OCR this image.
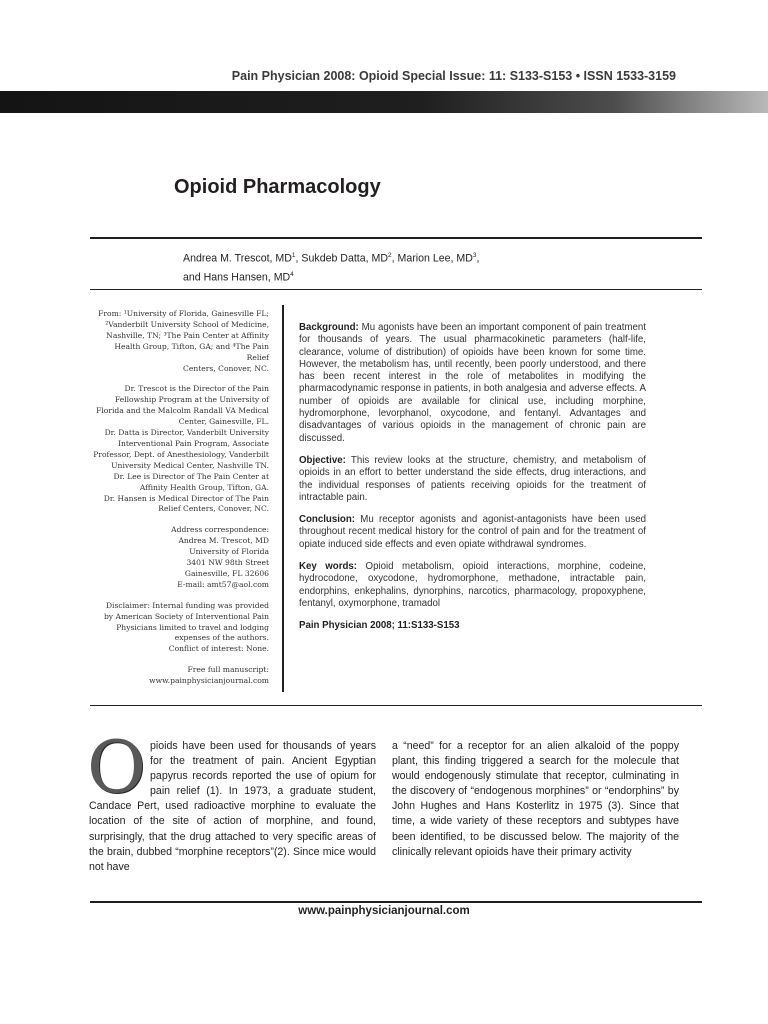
Pain Physician 2008: Opioid Special Issue: 11: S133-S153 • ISSN 1533-3159
Opioid Pharmacology
Andrea M. Trescot, $MD^1$, Sukdeb Datta, $MD^2$, Marion Lee, $MD^3$,
and Hans Hansen, $MD^4$

From: ¹University of Florida, Gainesville FL;
²Vanderbilt University School of Medicine,
Nashville, TN; ³The Pain Center at Affinity
Health Group, Tifton, GA; and ⁴The Pain Relief
Centers, Conover, NC.

Dr. Trescot is the Director of the Pain
Fellowship Program at the University of
Florida and the Malcolm Randall VA Medical
Center, Gainesville, FL.
Dr. Datta is Director, Vanderbilt University
Interventional Pain Program, Associate
Professor, Dept. of Anesthesiology, Vanderbilt
University Medical Center, Nashville TN.
Dr. Lee is Director of The Pain Center at
Affinity Health Group, Tifton, GA.
Dr. Hansen is Medical Director of The Pain
Relief Centers, Conover, NC.

Address correspondence:
Andrea M. Trescot, MD
University of Florida
3401 NW 98th Street
Gainesville, FL 32606
E-mail: amt57@aol.com

Disclaimer: Internal funding was provided
by American Society of Interventional Pain
Physicians limited to travel and lodging
expenses of the authors.
Conflict of interest: None.

Free full manuscript:
www.painphysicianjournal.com

Background: Mu agonists have been an important component of pain treatment for thousands of years. The usual pharmacokinetic parameters (half-life, clearance, volume of distribution) of opioids have been known for some time. However, the metabolism has, until recently, been poorly understood, and there has been recent interest in the role of metabolites in modifying the pharmacodynamic response in patients, in both analgesia and adverse effects. A number of opioids are available for clinical use, including morphine, hydromorphone, levorphanol, oxycodone, and fentanyl. Advantages and disadvantages of various opioids in the management of chronic pain are discussed.

Objective: This review looks at the structure, chemistry, and metabolism of opioids in an effort to better understand the side effects, drug interactions, and the individual responses of patients receiving opioids for the treatment of intractable pain.

Conclusion: Mu receptor agonists and agonist-antagonists have been used throughout recent medical history for the control of pain and for the treatment of opiate induced side effects and even opiate withdrawal syndromes.

Key words: Opioid metabolism, opioid interactions, morphine, codeine, hydrocodone, oxycodone, hydromorphone, methadone, intractable pain, endorphins, enkephalins, dynorphins, narcotics, pharmacology, propoxyphene, fentanyl, oxymorphone, tramadol

Pain Physician 2008; 11:S133-S153

Opioids have been used for thousands of years for the treatment of pain. Ancient Egyptian papyrus records reported the use of opium for pain relief (1). In 1973, a graduate student, Candace Pert, used radioactive morphine to evaluate the location of the site of action of morphine, and found, surprisingly, that the drug attached to very specific areas of the brain, dubbed “morphine receptors”(2). Since mice would not have
a “need” for a receptor for an alien alkaloid of the poppy plant, this finding triggered a search for the molecule that would endogenously stimulate that receptor, culminating in the discovery of “endogenous morphines” or “endorphins” by John Hughes and Hans Kosterlitz in 1975 (3). Since that time, a wide variety of these receptors and subtypes have been identified, to be discussed below. The majority of the clinically relevant opioids have their primary activity
www.painphysicianjournal.com
